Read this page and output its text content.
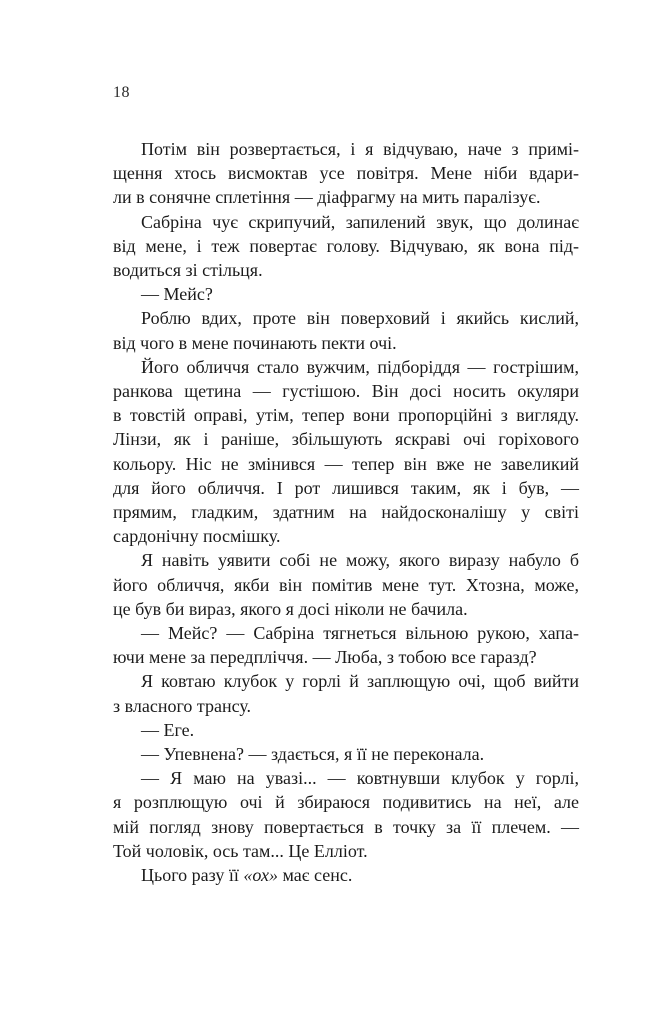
18
Потім він розвертається, і я відчуваю, наче з примі-
щення хтось висмоктав усе повітря. Мене ніби вдари-
ли в сонячне сплетіння — діафрагму на мить паралізує.
Сабріна чує скрипучий, запилений звук, що долинає
від мене, і теж повертає голову. Відчуваю, як вона під-
водиться зі стільця.
— Мейс?
Роблю вдих, проте він поверховий і якийсь кислий,
від чого в мене починають пекти очі.
Його обличчя стало вужчим, підборіддя — гострішим,
ранкова щетина — густішою. Він досі носить окуляри
в товстій оправі, утім, тепер вони пропорційні з вигляду.
Лінзи, як і раніше, збільшують яскраві очі горіхового
кольору. Ніс не змінився — тепер він вже не завеликий
для його обличчя. І рот лишився таким, як і був, —
прямим, гладким, здатним на найдосконалішу у світі
сардонічну посмішку.
Я навіть уявити собі не можу, якого виразу набуло б
його обличчя, якби він помітив мене тут. Хтозна, може,
це був би вираз, якого я досі ніколи не бачила.
— Мейс? — Сабріна тягнеться вільною рукою, хапа-
ючи мене за передпліччя. — Люба, з тобою все гаразд?
Я ковтаю клубок у горлі й заплющую очі, щоб вийти
з власного трансу.
— Еге.
— Упевнена? — здається, я її не переконала.
— Я маю на увазі... — ковтнувши клубок у горлі,
я розплющую очі й збираюся подивитись на неї, але
мій погляд знову повертається в точку за її плечем. —
Той чоловік, ось там... Це Елліот.
Цього разу її «ох» має сенс.
